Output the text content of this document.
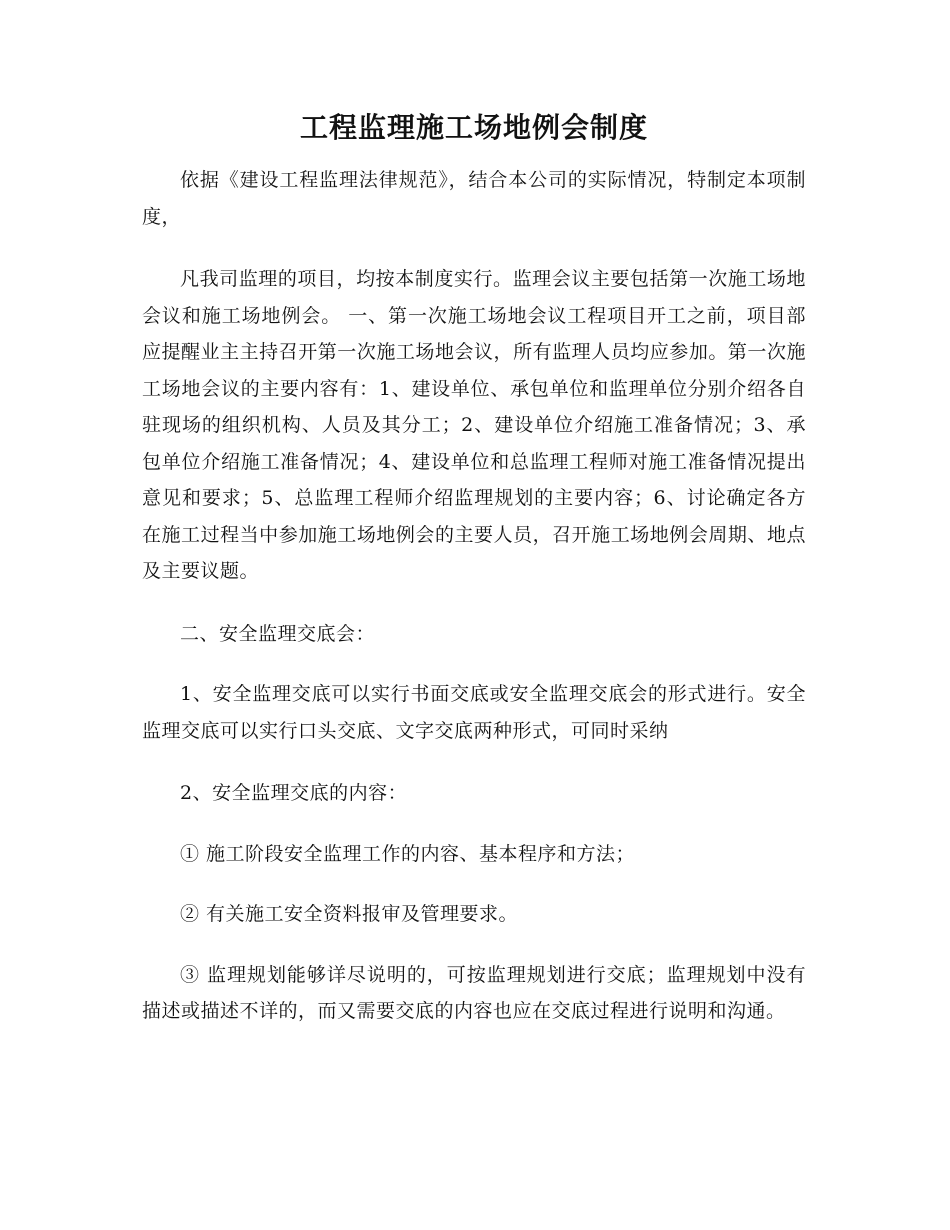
工程监理施工场地例会制度

依据《建设工程监理法律规范》，结合本公司的实际情况，特制定本项制度，

凡我司监理的项目，均按本制度实行。监理会议主要包括第一次施工场地会议和施工场地例会。 一、第一次施工场地会议工程项目开工之前，项目部应提醒业主主持召开第一次施工场地会议，所有监理人员均应参加。第一次施工场地会议的主要内容有：1、建设单位、承包单位和监理单位分别介绍各自驻现场的组织机构、人员及其分工；2、建设单位介绍施工准备情况；3、承包单位介绍施工准备情况；4、建设单位和总监理工程师对施工准备情况提出意见和要求；5、总监理工程师介绍监理规划的主要内容；6、讨论确定各方在施工过程当中参加施工场地例会的主要人员，召开施工场地例会周期、地点及主要议题。

二、安全监理交底会：

1、安全监理交底可以实行书面交底或安全监理交底会的形式进行。安全监理交底可以实行口头交底、文字交底两种形式，可同时采纳

2、安全监理交底的内容：

① 施工阶段安全监理工作的内容、基本程序和方法；

② 有关施工安全资料报审及管理要求。

③ 监理规划能够详尽说明的，可按监理规划进行交底；监理规划中没有描述或描述不详的，而又需要交底的内容也应在交底过程进行说明和沟通。
